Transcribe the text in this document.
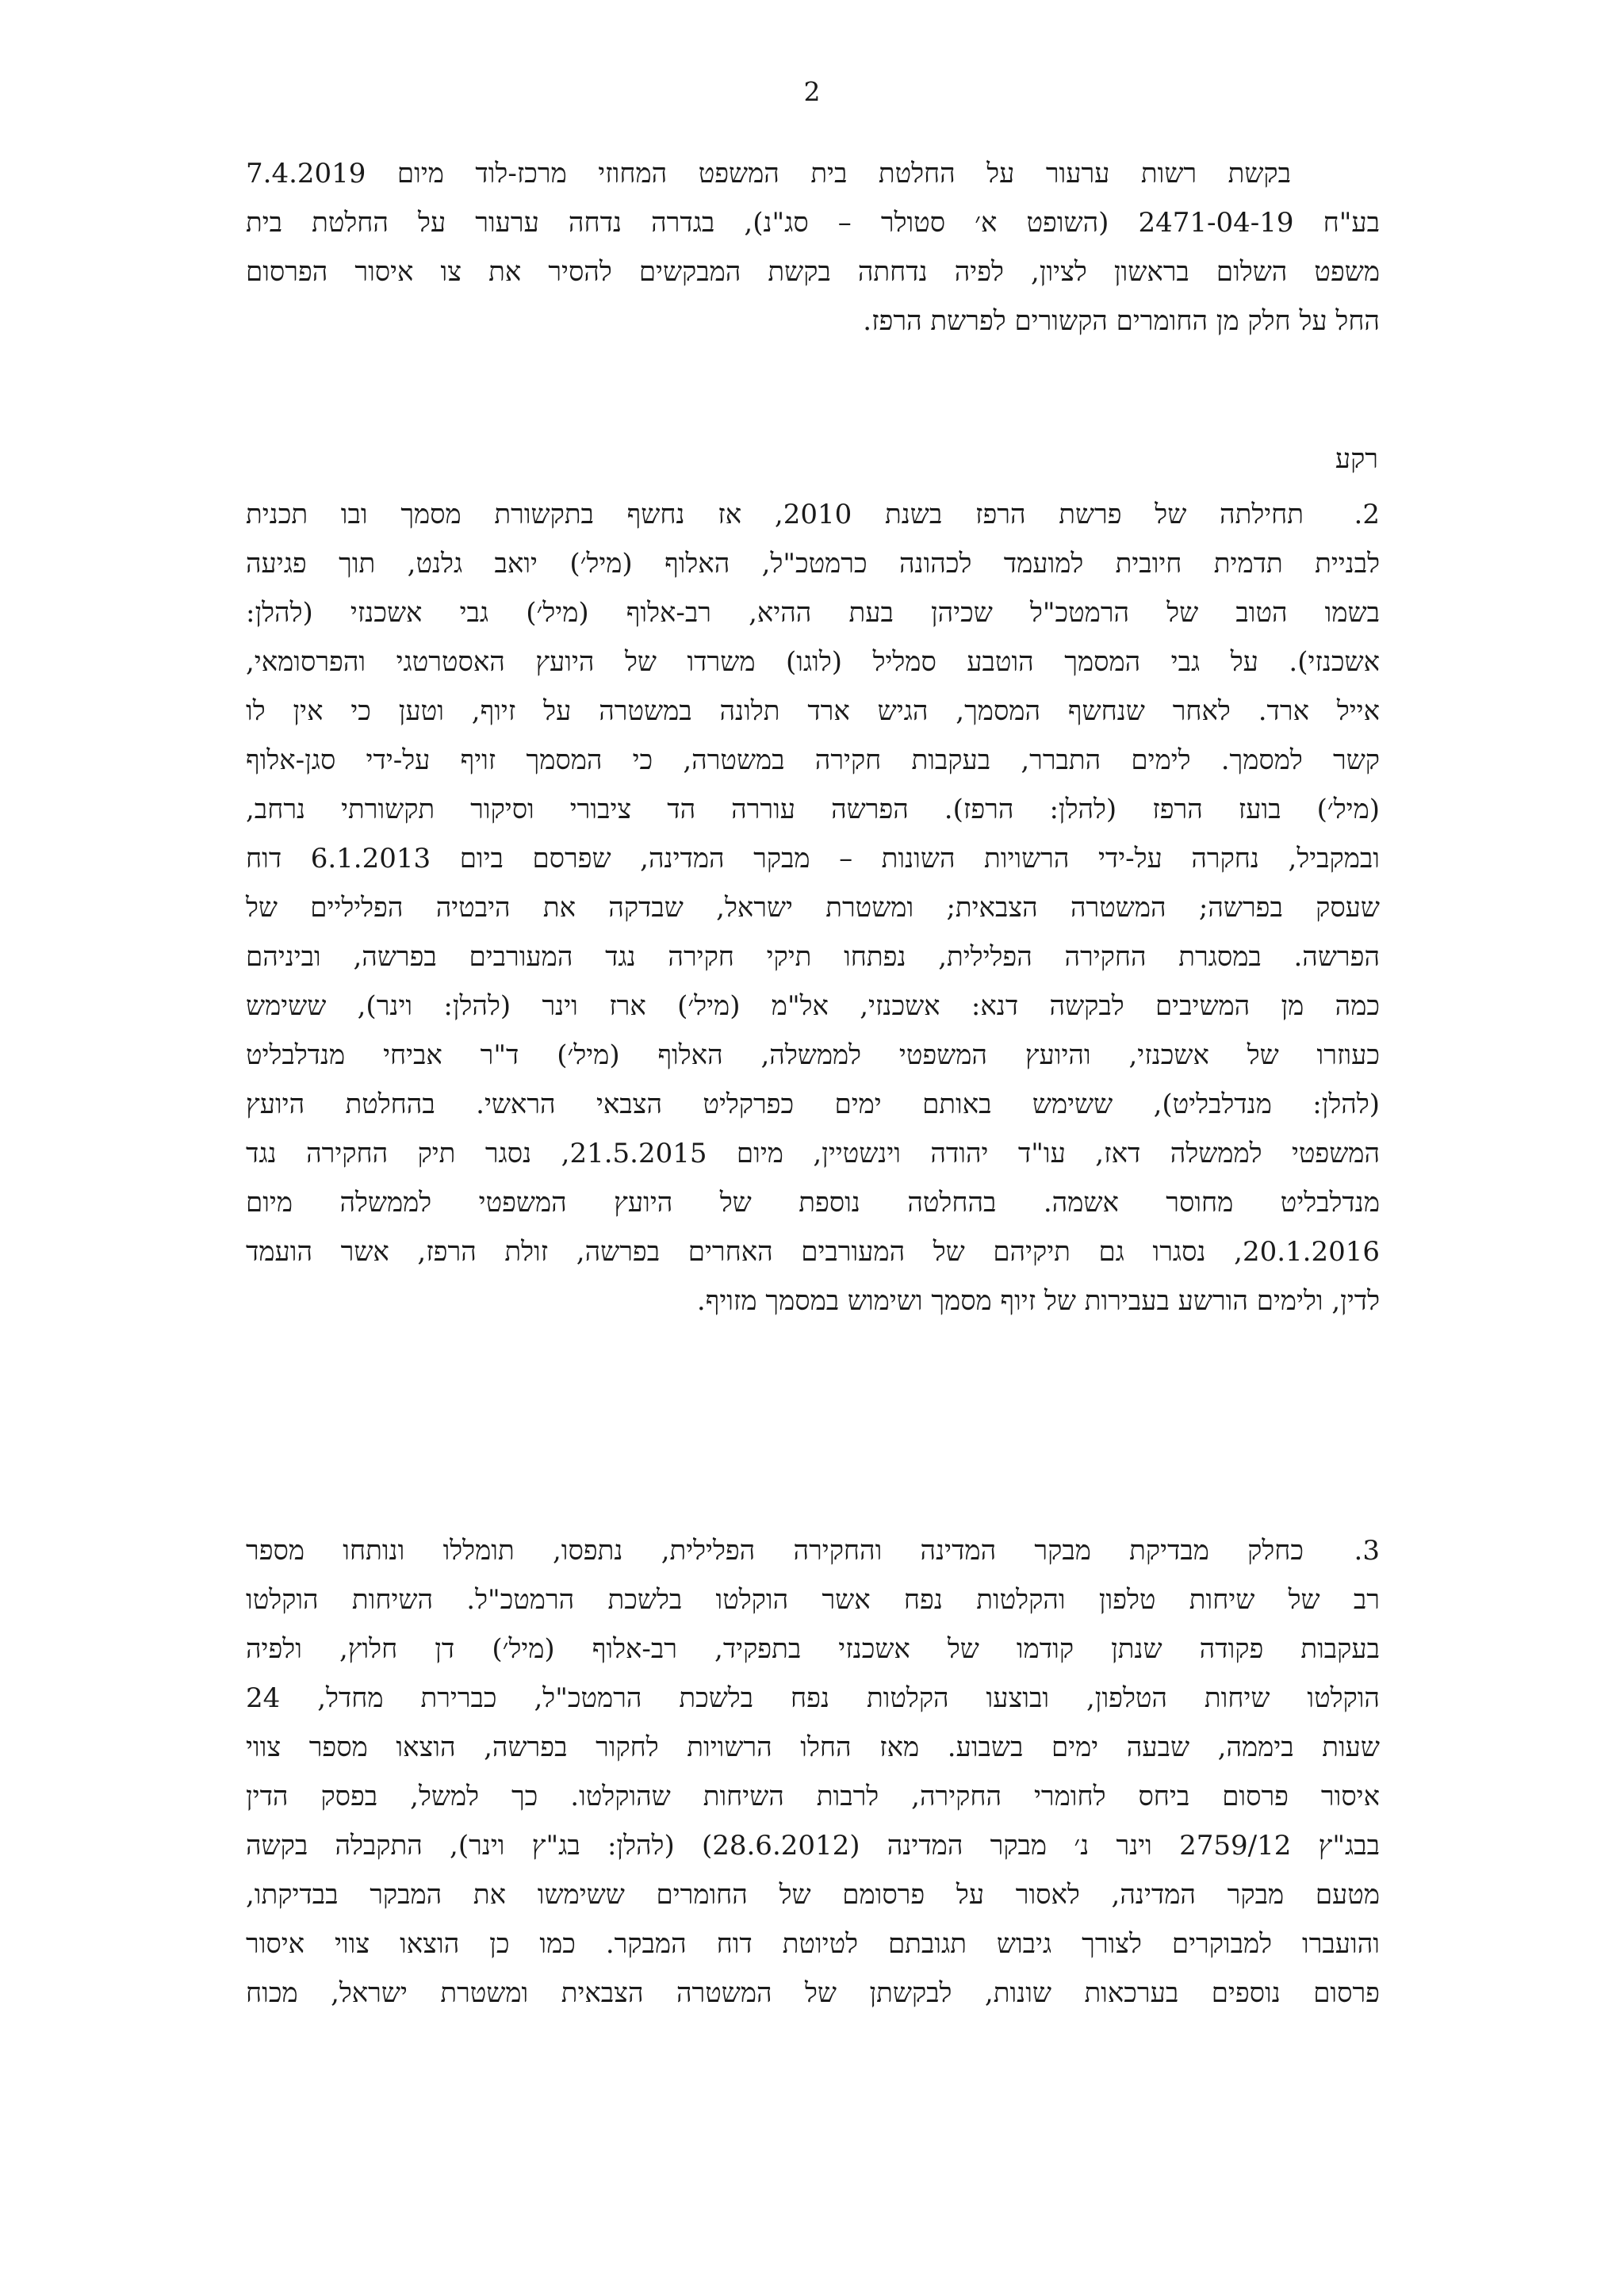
2
בקשת רשות ערעור על החלטת בית המשפט המחוזי מרכז-לוד מיום 7.4.2019
בע"ח 2471-04-19 (השופט א׳ סטולר – סג"נ), בגדרה נדחה ערעור על החלטת בית
משפט השלום בראשון לציון, לפיה נדחתה בקשת המבקשים להסיר את צו איסור הפרסום
החל על חלק מן החומרים הקשורים לפרשת הרפז.
רקע
2.תחילתה של פרשת הרפז בשנת 2010, אז נחשף בתקשורת מסמך ובו תכנית
לבניית תדמית חיובית למועמד לכהונה כרמטכ"ל, האלוף (מיל׳) יואב גלנט, תוך פגיעה
בשמו הטוב של הרמטכ"ל שכיהן בעת ההיא, רב-אלוף (מיל׳) גבי אשכנזי (להלן:
אשכנזי). על גבי המסמך הוטבע סמליל (לוגו) משרדו של היועץ האסטרטגי והפרסומאי,
אייל ארד. לאחר שנחשף המסמך, הגיש ארד תלונה במשטרה על זיוף, וטען כי אין לו
קשר למסמך. לימים התברר, בעקבות חקירה במשטרה, כי המסמך זויף על-ידי סגן-אלוף
(מיל׳) בועז הרפז (להלן: הרפז). הפרשה עוררה הד ציבורי וסיקור תקשורתי נרחב,
ובמקביל, נחקרה על-ידי הרשויות השונות – מבקר המדינה, שפרסם ביום 6.1.2013 דוח
שעסק בפרשה; המשטרה הצבאית; ומשטרת ישראל, שבדקה את היבטיה הפליליים של
הפרשה. במסגרת החקירה הפלילית, נפתחו תיקי חקירה נגד המעורבים בפרשה, וביניהם
כמה מן המשיבים לבקשה דנא: אשכנזי, אל"מ (מיל׳) ארז וינר (להלן: וינר), ששימש
כעוזרו של אשכנזי, והיועץ המשפטי לממשלה, האלוף (מיל׳) ד"ר אביחי מנדלבליט
(להלן: מנדלבליט), ששימש באותם ימים כפרקליט הצבאי הראשי. בהחלטת היועץ
המשפטי לממשלה דאז, עו"ד יהודה וינשטיין, מיום 21.5.2015, נסגר תיק החקירה נגד
מנדלבליט מחוסר אשמה. בהחלטה נוספת של היועץ המשפטי לממשלה מיום
20.1.2016, נסגרו גם תיקיהם של המעורבים האחרים בפרשה, זולת הרפז, אשר הועמד
לדין, ולימים הורשע בעבירות של זיוף מסמך ושימוש במסמך מזויף.
3.כחלק מבדיקת מבקר המדינה והחקירה הפלילית, נתפסו, תומללו ונותחו מספר
רב של שיחות טלפון והקלטות נפח אשר הוקלטו בלשכת הרמטכ"ל. השיחות הוקלטו
בעקבות פקודה שנתן קודמו של אשכנזי בתפקיד, רב-אלוף (מיל׳) דן חלוץ, ולפיה
הוקלטו שיחות הטלפון, ובוצעו הקלטות נפח בלשכת הרמטכ"ל, כברירת מחדל, 24
שעות ביממה, שבעה ימים בשבוע. מאז החלו הרשויות לחקור בפרשה, הוצאו מספר צווי
איסור פרסום ביחס לחומרי החקירה, לרבות השיחות שהוקלטו. כך למשל, בפסק הדין
בבג"ץ 2759/12 וינר נ׳ מבקר המדינה (28.6.2012) (להלן: בג"ץ וינר), התקבלה בקשה
מטעם מבקר המדינה, לאסור על פרסומם של החומרים ששימשו את המבקר בבדיקתו,
והועברו למבוקרים לצורך גיבוש תגובתם לטיוטת דוח המבקר. כמו כן הוצאו צווי איסור
פרסום נוספים בערכאות שונות, לבקשתן של המשטרה הצבאית ומשטרת ישראל, מכוח
